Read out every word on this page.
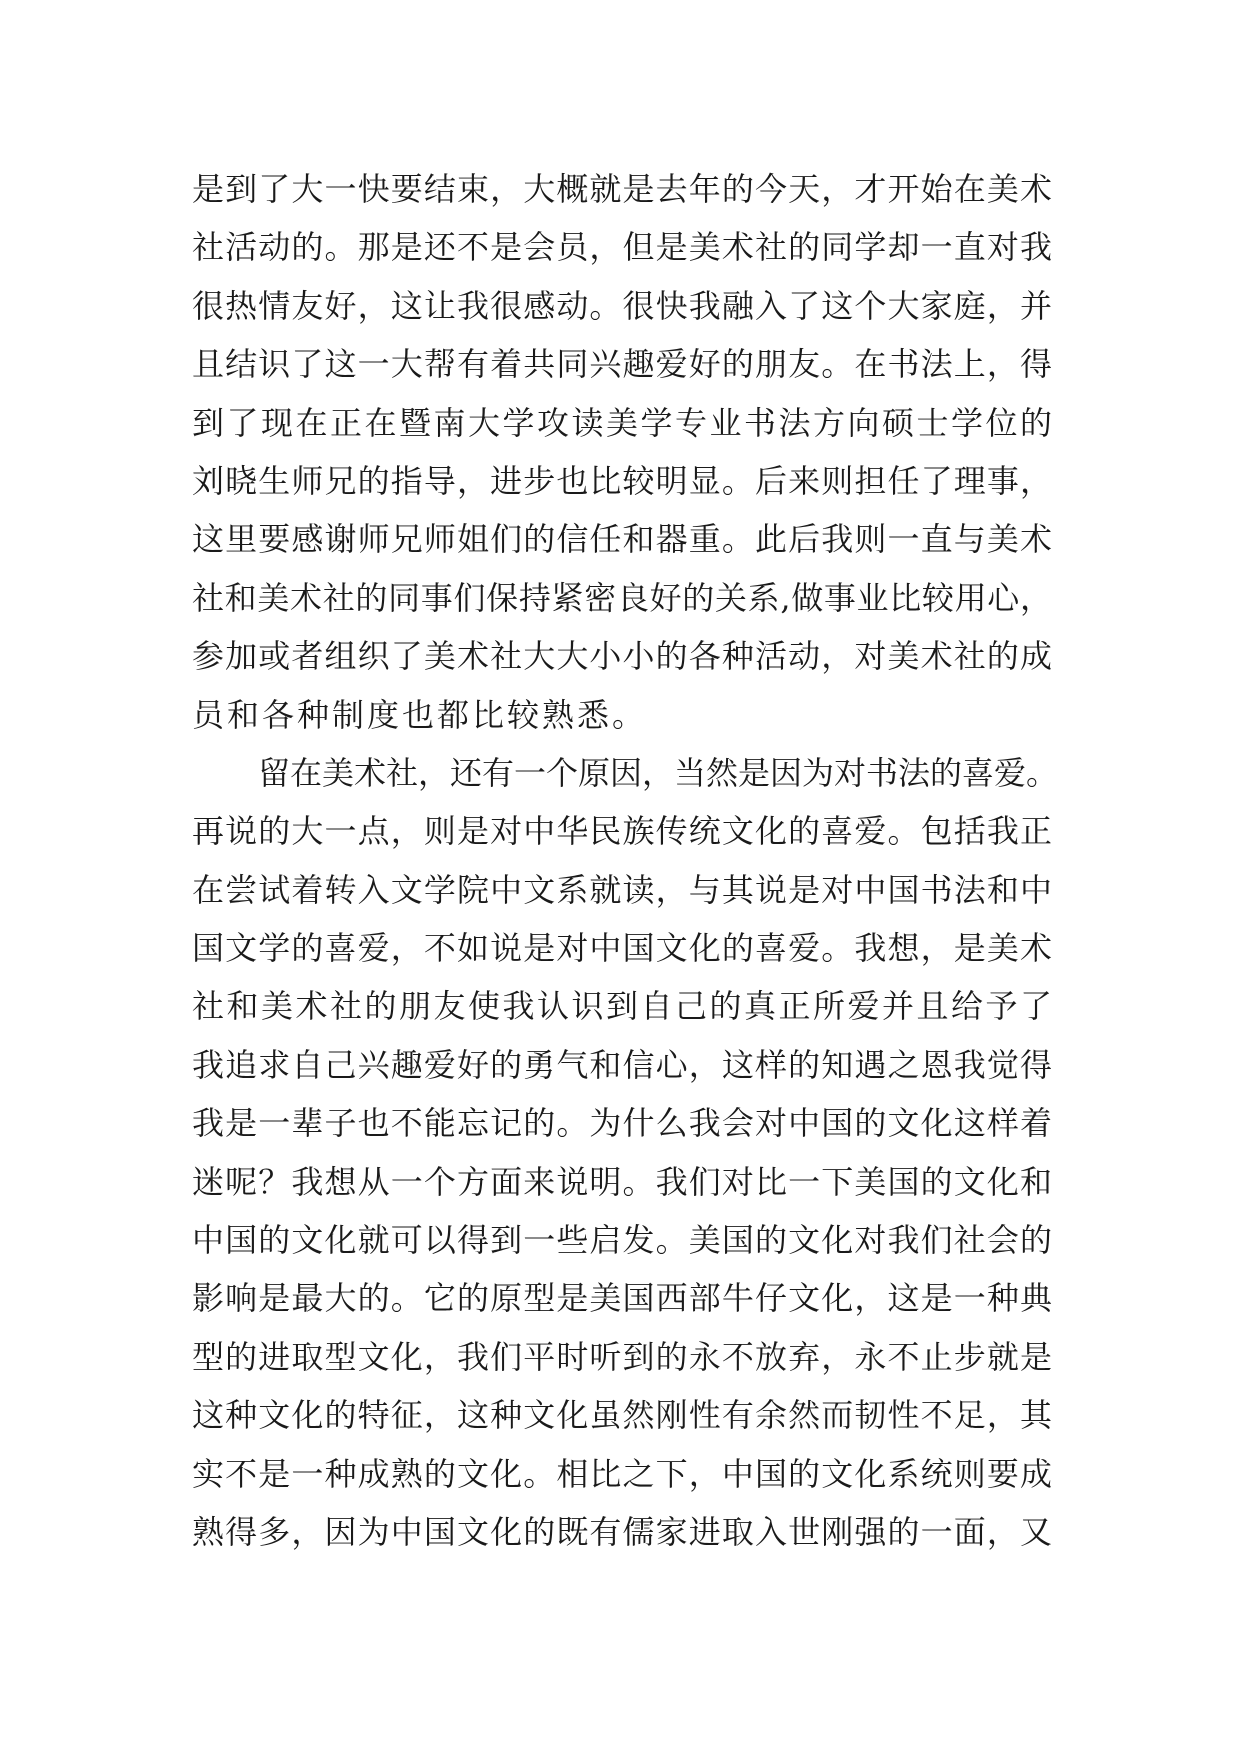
是到了大一快要结束，大概就是去年的今天，才开始在美术
社活动的。那是还不是会员，但是美术社的同学却一直对我
很热情友好，这让我很感动。很快我融入了这个大家庭，并
且结识了这一大帮有着共同兴趣爱好的朋友。在书法上，得
到了现在正在暨南大学攻读美学专业书法方向硕士学位的
刘晓生师兄的指导，进步也比较明显。后来则担任了理事，
这里要感谢师兄师姐们的信任和器重。此后我则一直与美术
社和美术社的同事们保持紧密良好的关系,做事业比较用心，
参加或者组织了美术社大大小小的各种活动，对美术社的成
员和各种制度也都比较熟悉。
留在美术社，还有一个原因，当然是因为对书法的喜爱。
再说的大一点，则是对中华民族传统文化的喜爱。包括我正
在尝试着转入文学院中文系就读，与其说是对中国书法和中
国文学的喜爱，不如说是对中国文化的喜爱。我想，是美术
社和美术社的朋友使我认识到自己的真正所爱并且给予了
我追求自己兴趣爱好的勇气和信心，这样的知遇之恩我觉得
我是一辈子也不能忘记的。为什么我会对中国的文化这样着
迷呢？我想从一个方面来说明。我们对比一下美国的文化和
中国的文化就可以得到一些启发。美国的文化对我们社会的
影响是最大的。它的原型是美国西部牛仔文化，这是一种典
型的进取型文化，我们平时听到的永不放弃，永不止步就是
这种文化的特征，这种文化虽然刚性有余然而韧性不足，其
实不是一种成熟的文化。相比之下，中国的文化系统则要成
熟得多，因为中国文化的既有儒家进取入世刚强的一面，又
